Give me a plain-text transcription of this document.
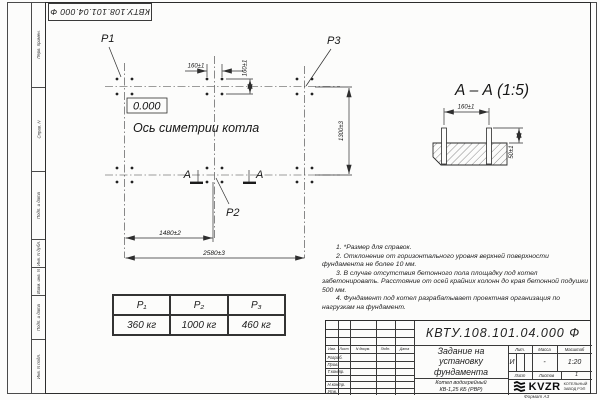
Перв. примен.
Справ. N
Подп. и дата
Инв. N дубл.
Взам. инв. N
Подп. и дата
Инв. N подл.
КВТУ.108.101.04.000 Ф
P1	P3
P2
0.000
Ось симетрии котла
160±1	160±1
1300±3
1480±2
2580±3
A	A
А – А (1:5)
160±1
50±1

1. *Размер для справок.

2. Отклонение от горизонтального уровня верхней поверхности фундамента не более 10 мм.

3. В случае отсутствия бетонного пола площадку под котел забетонировать. Расстояние от осей крайних колонн до края бетонной подушки 500 мм.

4. Фундамент под котел разрабатывает проектная организация по нагрузкам на фундамент.

P₁	P₂	P₃
360 кг	1000 кг	460 кг
Изм. Лист	N докум.	Подп.	Дата
Разраб.
Пров.
Т.контр.
Н.контр.
Утв.
КВТУ.108.101.04.000 Ф
Задание на
установку
фундамента
Котел водогрейный
КВ-1,25 КБ (РВР)
Лит.	Масса	Масштаб
И	-	1:20
Лист	Листов	1
KVZR КОТЕЛЬНЫЙ
ЗАВОД РЭП
Формат А3
